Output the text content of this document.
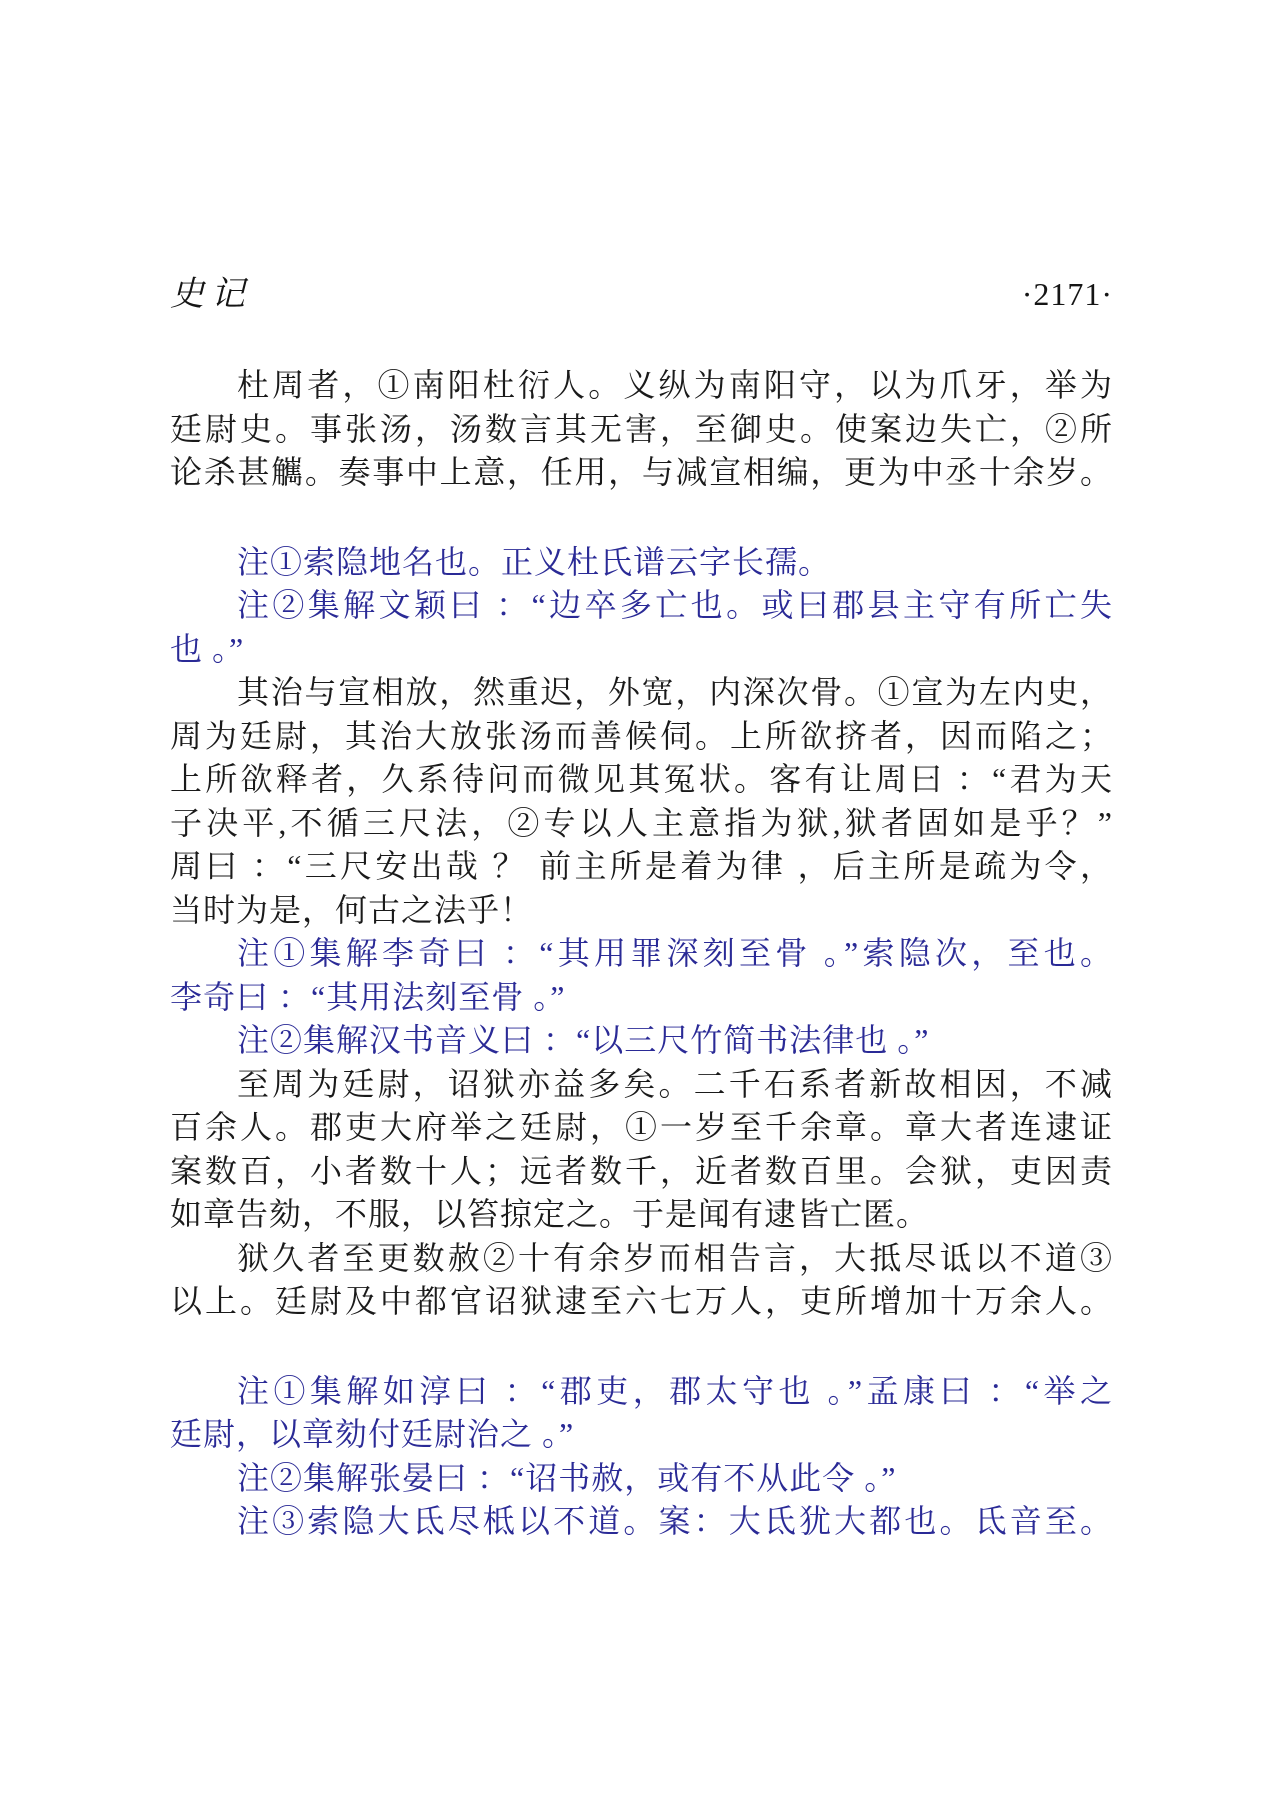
史记	·2171·
杜周者，①南阳杜衍人。义纵为南阳守，以为爪牙，举为
廷尉史。事张汤，汤数言其无害，至御史。使案边失亡，②所
论杀甚觽。奏事中上意，任用，与减宣相编，更为中丞十余岁。
注①索隐地名也。正义杜氏谱云字长孺。
注②集解文颖曰 ：“边卒多亡也。或曰郡县主守有所亡失
也 。”
其治与宣相放，然重迟，外宽，内深次骨。①宣为左内史，
周为廷尉，其治大放张汤而善候伺。上所欲挤者，因而陷之；
上所欲释者，久系待问而微见其冤状。客有让周曰 ：“君为天
子决平,不循三尺法，②专以人主意指为狱,狱者固如是乎？”
周曰 ：“三尺安出哉 ？ 前主所是着为律 ，后主所是疏为令，
当时为是，何古之法乎！
注①集解李奇曰 ：“其用罪深刻至骨 。”索隐次，至也。
李奇曰 ：“其用法刻至骨 。”
注②集解汉书音义曰 ：“以三尺竹简书法律也 。”
至周为廷尉，诏狱亦益多矣。二千石系者新故相因，不减
百余人。郡吏大府举之廷尉，①一岁至千余章。章大者连逮证
案数百，小者数十人；远者数千，近者数百里。会狱，吏因责
如章告劾，不服，以笞掠定之。于是闻有逮皆亡匿。
狱久者至更数赦②十有余岁而相告言，大抵尽诋以不道③
以上。廷尉及中都官诏狱逮至六七万人，吏所增加十万余人。
注①集解如淳曰 ：“郡吏，郡太守也 。”孟康曰 ：“举之
廷尉，以章劾付廷尉治之 。”
注②集解张晏曰 ：“诏书赦，或有不从此令 。”
注③索隐大氐尽柢以不道。案：大氐犹大都也。氐音至。
